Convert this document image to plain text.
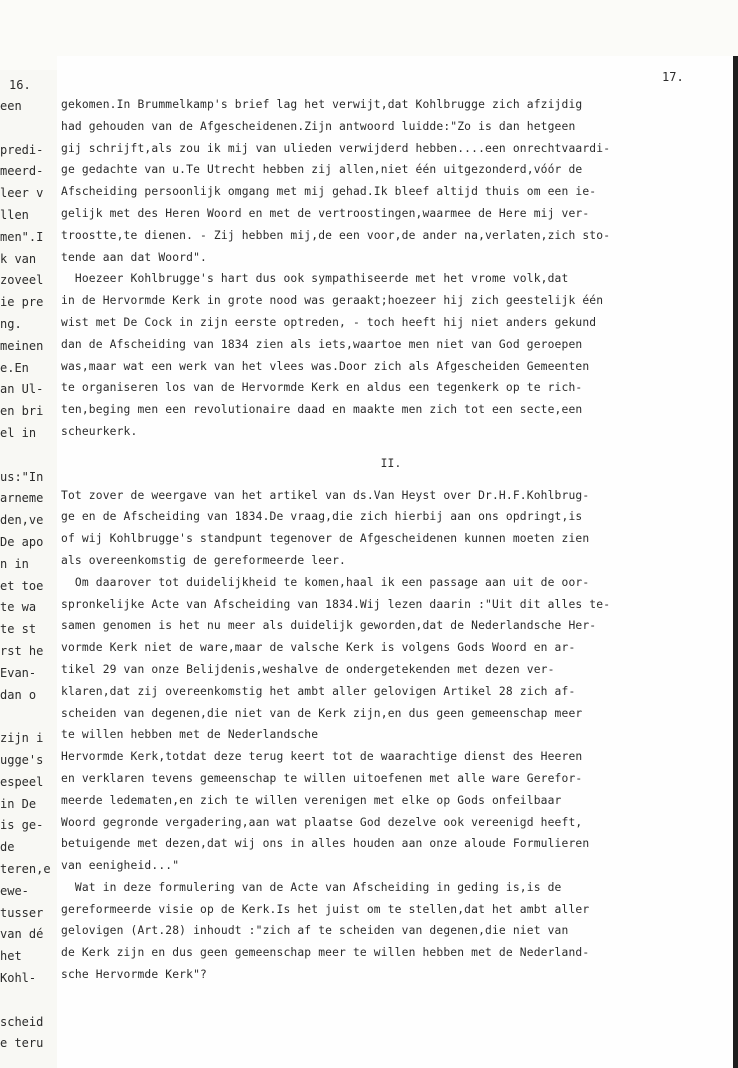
16.
een
predi-
meerd-
leer v
llen
men".I
k van
zoveel
ie pre
ng.
meinen
e.En
an Ul-
en bri
el in
us:"In
arneme
den,ve
De apo
n in
et toe
te wa
te st
rst he
Evan-
dan o
zijn i
ugge's
espeel
in De
is ge-
de
teren,e
ewe-
tusser
van dé
het
Kohl-
scheid
e teru
17.
gekomen.In Brummelkamp's brief lag het verwijt,dat Kohlbrugge zich afzijdig
had gehouden van de Afgescheidenen.Zijn antwoord luidde:"Zo is dan hetgeen
gij schrijft,als zou ik mij van ulieden verwijderd hebben....een onrechtvaardi-
ge gedachte van u.Te Utrecht hebben zij allen,niet één uitgezonderd,vóór de
Afscheiding persoonlijk omgang met mij gehad.Ik bleef altijd thuis om een ie-
gelijk met des Heren Woord en met de vertroostingen,waarmee de Here mij ver-
troostte,te dienen. - Zij hebben mij,de een voor,de ander na,verlaten,zich sto-
tende aan dat Woord".
Hoezeer Kohlbrugge's hart dus ook sympathiseerde met het vrome volk,dat
in de Hervormde Kerk in grote nood was geraakt;hoezeer hij zich geestelijk één
wist met De Cock in zijn eerste optreden, - toch heeft hij niet anders gekund
dan de Afscheiding van 1834 zien als iets,waartoe men niet van God geroepen
was,maar wat een werk van het vlees was.Door zich als Afgescheiden Gemeenten
te organiseren los van de Hervormde Kerk en aldus een tegenkerk op te rich-
ten,beging men een revolutionaire daad en maakte men zich tot een secte,een
scheurkerk.
II.
Tot zover de weergave van het artikel van ds.Van Heyst over Dr.H.F.Kohlbrug-
ge en de Afscheiding van 1834.De vraag,die zich hierbij aan ons opdringt,is
of wij Kohlbrugge's standpunt tegenover de Afgescheidenen kunnen moeten zien
als overeenkomstig de gereformeerde leer.
Om daarover tot duidelijkheid te komen,haal ik een passage aan uit de oor-
spronkelijke Acte van Afscheiding van 1834.Wij lezen daarin :"Uit dit alles te-
samen genomen is het nu meer als duidelijk geworden,dat de Nederlandsche Her-
vormde Kerk niet de ware,maar de valsche Kerk is volgens Gods Woord en ar-
tikel 29 van onze Belijdenis,weshalve de ondergetekenden met dezen ver-
klaren,dat zij overeenkomstig het ambt aller gelovigen Artikel 28 zich af-
scheiden van degenen,die niet van de Kerk zijn,en dus geen gemeenschap meer
te willen hebben met de Nederlandsche
Hervormde Kerk,totdat deze terug keert tot de waarachtige dienst des Heeren
en verklaren tevens gemeenschap te willen uitoefenen met alle ware Gerefor-
meerde ledematen,en zich te willen verenigen met elke op Gods onfeilbaar
Woord gegronde vergadering,aan wat plaatse God dezelve ook vereenigd heeft,
betuigende met dezen,dat wij ons in alles houden aan onze aloude Formulieren
van eenigheid..."
Wat in deze formulering van de Acte van Afscheiding in geding is,is de
gereformeerde visie op de Kerk.Is het juist om te stellen,dat het ambt aller
gelovigen (Art.28) inhoudt :"zich af te scheiden van degenen,die niet van
de Kerk zijn en dus geen gemeenschap meer te willen hebben met de Nederland-
sche Hervormde Kerk"?
